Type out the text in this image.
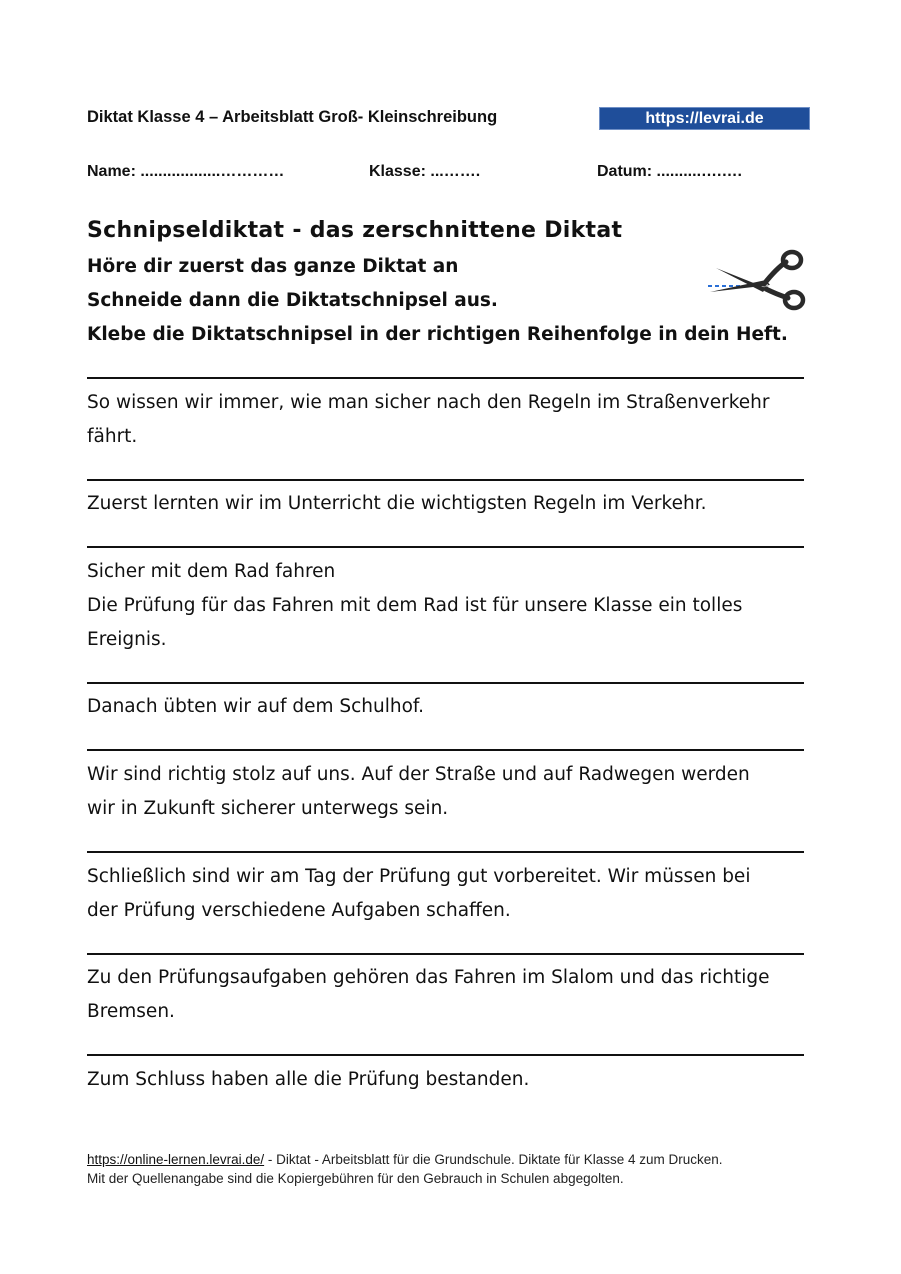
Diktat Klasse 4 – Arbeitsblatt Groß- Kleinschreibung	https://levrai.de
Name: ..................…………	Klasse: ...…….	Datum: ..........….….
Schnipseldiktat - das zerschnittene Diktat
Höre dir zuerst das ganze Diktat an
Schneide dann die Diktatschnipsel aus.
Klebe die Diktatschnipsel in der richtigen Reihenfolge in dein Heft.
So wissen wir immer, wie man sicher nach den Regeln im Straßenverkehr
fährt.
Zuerst lernten wir im Unterricht die wichtigsten Regeln im Verkehr.
Sicher mit dem Rad fahren
Die Prüfung für das Fahren mit dem Rad ist für unsere Klasse ein tolles
Ereignis.
Danach übten wir auf dem Schulhof.
Wir sind richtig stolz auf uns. Auf der Straße und auf Radwegen werden
wir in Zukunft sicherer unterwegs sein.
Schließlich sind wir am Tag der Prüfung gut vorbereitet. Wir müssen bei
der Prüfung verschiedene Aufgaben schaffen.
Zu den Prüfungsaufgaben gehören das Fahren im Slalom und das richtige
Bremsen.
Zum Schluss haben alle die Prüfung bestanden.
https://online-lernen.levrai.de/ - Diktat - Arbeitsblatt für die Grundschule. Diktate für Klasse 4 zum Drucken.
Mit der Quellenangabe sind die Kopiergebühren für den Gebrauch in Schulen abgegolten.
